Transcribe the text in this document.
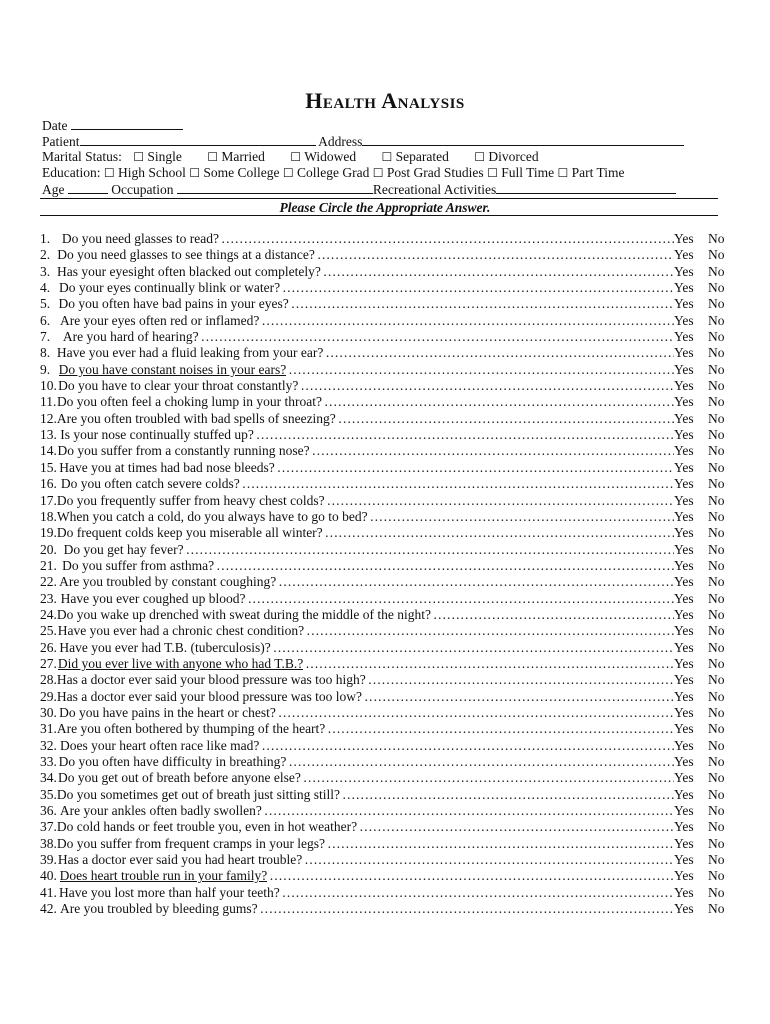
Health Analysis
Date
Patient	Address
Marital Status: ☐ Single ☐ Married ☐ Widowed ☐ Separated ☐ Divorced
Education: ☐ High School ☐ Some College ☐ College Grad ☐ Post Grad Studies ☐ Full Time ☐ Part Time
Age	Occupation	Recreational Activities
Please Circle the Appropriate Answer.
1. Do you need glasses to read? …………………………………………………………………………………………………………………………………	Yes	No
2. Do you need glasses to see things at a distance? …………………………………………………………………………………………………………………………………	Yes	No
3. Has your eyesight often blacked out completely? …………………………………………………………………………………………………………………………………	Yes	No
4. Do your eyes continually blink or water? …………………………………………………………………………………………………………………………………	Yes	No
5. Do you often have bad pains in your eyes? …………………………………………………………………………………………………………………………………	Yes	No
6. Are your eyes often red or inflamed? …………………………………………………………………………………………………………………………………	Yes	No
7. Are you hard of hearing? …………………………………………………………………………………………………………………………………	Yes	No
8. Have you ever had a fluid leaking from your ear? …………………………………………………………………………………………………………………………………	Yes	No
9. Do you have constant noises in your ears? …………………………………………………………………………………………………………………………………	Yes	No
10. Do you have to clear your throat constantly? …………………………………………………………………………………………………………………………………	Yes	No
11. Do you often feel a choking lump in your throat? …………………………………………………………………………………………………………………………………	Yes	No
12. Are you often troubled with bad spells of sneezing? …………………………………………………………………………………………………………………………………	Yes	No
13. Is your nose continually stuffed up? …………………………………………………………………………………………………………………………………	Yes	No
14. Do you suffer from a constantly running nose? …………………………………………………………………………………………………………………………………	Yes	No
15. Have you at times had bad nose bleeds? …………………………………………………………………………………………………………………………………	Yes	No
16. Do you often catch severe colds? …………………………………………………………………………………………………………………………………	Yes	No
17. Do you frequently suffer from heavy chest colds? …………………………………………………………………………………………………………………………………	Yes	No
18. When you catch a cold, do you always have to go to bed? …………………………………………………………………………………………………………………………………	Yes	No
19. Do frequent colds keep you miserable all winter? …………………………………………………………………………………………………………………………………	Yes	No
20. Do you get hay fever? …………………………………………………………………………………………………………………………………	Yes	No
21. Do you suffer from asthma? …………………………………………………………………………………………………………………………………	Yes	No
22. Are you troubled by constant coughing? …………………………………………………………………………………………………………………………………	Yes	No
23. Have you ever coughed up blood? …………………………………………………………………………………………………………………………………	Yes	No
24. Do you wake up drenched with sweat during the middle of the night? …………………………………………………………………………………………………………………………………	Yes	No
25. Have you ever had a chronic chest condition? …………………………………………………………………………………………………………………………………	Yes	No
26. Have you ever had T.B. (tuberculosis)? …………………………………………………………………………………………………………………………………	Yes	No
27. Did you ever live with anyone who had T.B.? …………………………………………………………………………………………………………………………………	Yes	No
28. Has a doctor ever said your blood pressure was too high? …………………………………………………………………………………………………………………………………	Yes	No
29. Has a doctor ever said your blood pressure was too low? …………………………………………………………………………………………………………………………………	Yes	No
30. Do you have pains in the heart or chest? …………………………………………………………………………………………………………………………………	Yes	No
31. Are you often bothered by thumping of the heart? …………………………………………………………………………………………………………………………………	Yes	No
32. Does your heart often race like mad? …………………………………………………………………………………………………………………………………	Yes	No
33. Do you often have difficulty in breathing? …………………………………………………………………………………………………………………………………	Yes	No
34. Do you get out of breath before anyone else? …………………………………………………………………………………………………………………………………	Yes	No
35. Do you sometimes get out of breath just sitting still? …………………………………………………………………………………………………………………………………	Yes	No
36. Are your ankles often badly swollen? …………………………………………………………………………………………………………………………………	Yes	No
37. Do cold hands or feet trouble you, even in hot weather? …………………………………………………………………………………………………………………………………	Yes	No
38. Do you suffer from frequent cramps in your legs? …………………………………………………………………………………………………………………………………	Yes	No
39. Has a doctor ever said you had heart trouble? …………………………………………………………………………………………………………………………………	Yes	No
40. Does heart trouble run in your family? …………………………………………………………………………………………………………………………………	Yes	No
41. Have you lost more than half your teeth? …………………………………………………………………………………………………………………………………	Yes	No
42. Are you troubled by bleeding gums? …………………………………………………………………………………………………………………………………	Yes	No
